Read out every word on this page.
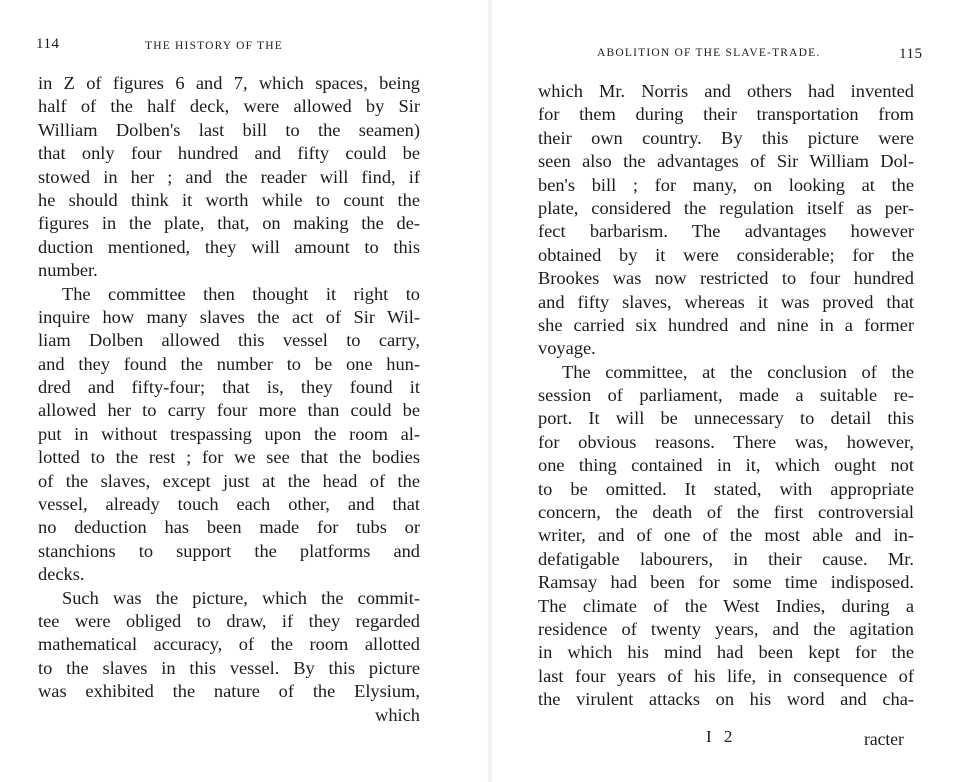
114	THE HISTORY OF THE
in Z of figures 6 and 7, which spaces, being
half of the half deck, were allowed by Sir
William Dolben's last bill to the seamen)
that only four hundred and fifty could be
stowed in her ; and the reader will find, if
he should think it worth while to count the
figures in the plate, that, on making the de-
duction mentioned, they will amount to this
number.
The committee then thought it right to
inquire how many slaves the act of Sir Wil-
liam Dolben allowed this vessel to carry,
and they found the number to be one hun-
dred and fifty-four; that is, they found it
allowed her to carry four more than could be
put in without trespassing upon the room al-
lotted to the rest ; for we see that the bodies
of the slaves, except just at the head of the
vessel, already touch each other, and that
no deduction has been made for tubs or
stanchions to support the platforms and
decks.
Such was the picture, which the commit-
tee were obliged to draw, if they regarded
mathematical accuracy, of the room allotted
to the slaves in this vessel. By this picture
was exhibited the nature of the Elysium,
which
ABOLITION OF THE SLAVE-TRADE.	115
which Mr. Norris and others had invented
for them during their transportation from
their own country. By this picture were
seen also the advantages of Sir William Dol-
ben's bill ; for many, on looking at the
plate, considered the regulation itself as per-
fect barbarism. The advantages however
obtained by it were considerable; for the
Brookes was now restricted to four hundred
and fifty slaves, whereas it was proved that
she carried six hundred and nine in a former
voyage.
The committee, at the conclusion of the
session of parliament, made a suitable re-
port. It will be unnecessary to detail this
for obvious reasons. There was, however,
one thing contained in it, which ought not
to be omitted. It stated, with appropriate
concern, the death of the first controversial
writer, and of one of the most able and in-
defatigable labourers, in their cause. Mr.
Ramsay had been for some time indisposed.
The climate of the West Indies, during a
residence of twenty years, and the agitation
in which his mind had been kept for the
last four years of his life, in consequence of
the virulent attacks on his word and cha-
I 2	racter
